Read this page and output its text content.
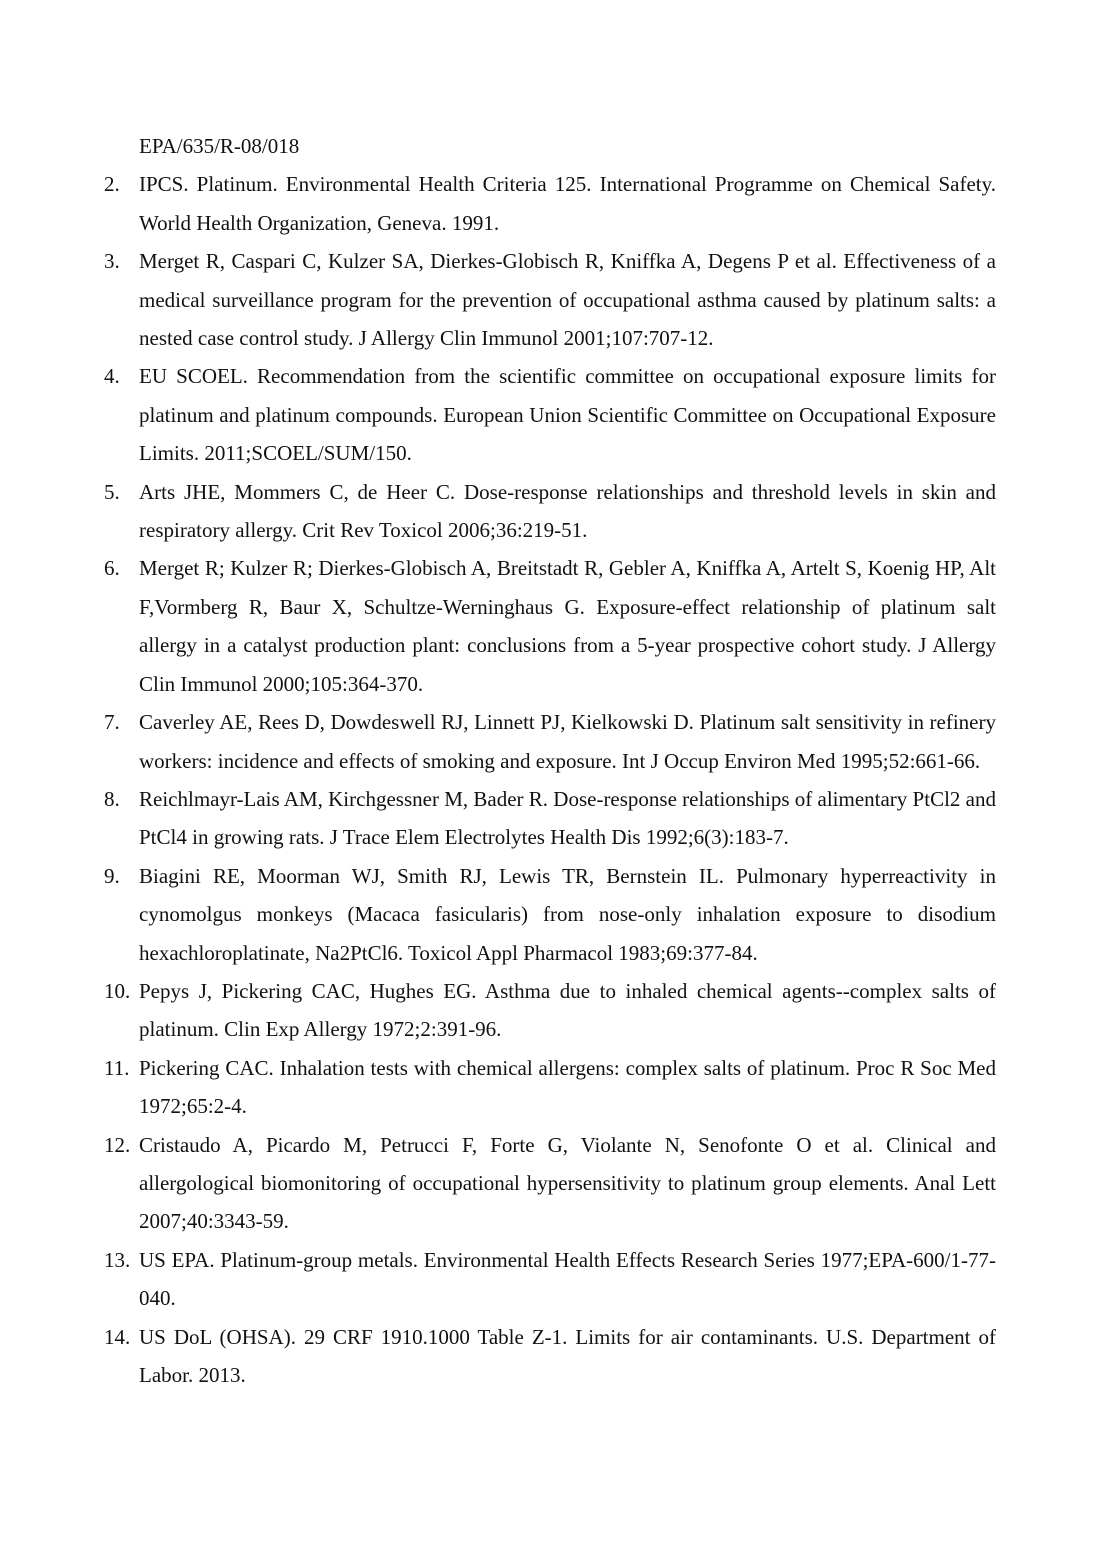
EPA/635/R-08/018
2. IPCS. Platinum. Environmental Health Criteria 125. International Programme on Chemical Safety. World Health Organization, Geneva. 1991.
3. Merget R, Caspari C, Kulzer SA, Dierkes-Globisch R, Kniffka A, Degens P et al. Effectiveness of a medical surveillance program for the prevention of occupational asthma caused by platinum salts: a nested case control study. J Allergy Clin Immunol 2001;107:707-12.
4. EU SCOEL. Recommendation from the scientific committee on occupational exposure limits for platinum and platinum compounds. European Union Scientific Committee on Occupational Exposure Limits. 2011;SCOEL/SUM/150.
5. Arts JHE, Mommers C, de Heer C. Dose-response relationships and threshold levels in skin and respiratory allergy. Crit Rev Toxicol 2006;36:219-51.
6. Merget R; Kulzer R; Dierkes-Globisch A, Breitstadt R, Gebler A, Kniffka A, Artelt S, Koenig HP, Alt F,Vormberg R, Baur X, Schultze-Werninghaus G. Exposure-effect relationship of platinum salt allergy in a catalyst production plant: conclusions from a 5-year prospective cohort study. J Allergy Clin Immunol 2000;105:364-370.
7. Caverley AE, Rees D, Dowdeswell RJ, Linnett PJ, Kielkowski D. Platinum salt sensitivity in refinery workers: incidence and effects of smoking and exposure. Int J Occup Environ Med 1995;52:661-66.
8. Reichlmayr-Lais AM, Kirchgessner M, Bader R. Dose-response relationships of alimentary PtCl2 and PtCl4 in growing rats. J Trace Elem Electrolytes Health Dis 1992;6(3):183-7.
9. Biagini RE, Moorman WJ, Smith RJ, Lewis TR, Bernstein IL. Pulmonary hyperreactivity in cynomolgus monkeys (Macaca fasicularis) from nose-only inhalation exposure to disodium hexachloroplatinate, Na2PtCl6. Toxicol Appl Pharmacol 1983;69:377-84.
10. Pepys J, Pickering CAC, Hughes EG. Asthma due to inhaled chemical agents--complex salts of platinum. Clin Exp Allergy 1972;2:391-96.
11. Pickering CAC. Inhalation tests with chemical allergens: complex salts of platinum. Proc R Soc Med 1972;65:2-4.
12. Cristaudo A, Picardo M, Petrucci F, Forte G, Violante N, Senofonte O et al. Clinical and allergological biomonitoring of occupational hypersensitivity to platinum group elements. Anal Lett 2007;40:3343-59.
13. US EPA. Platinum-group metals. Environmental Health Effects Research Series 1977;EPA-600/1-77-040.
14. US DoL (OHSA). 29 CRF 1910.1000 Table Z-1. Limits for air contaminants. U.S. Department of Labor. 2013.
